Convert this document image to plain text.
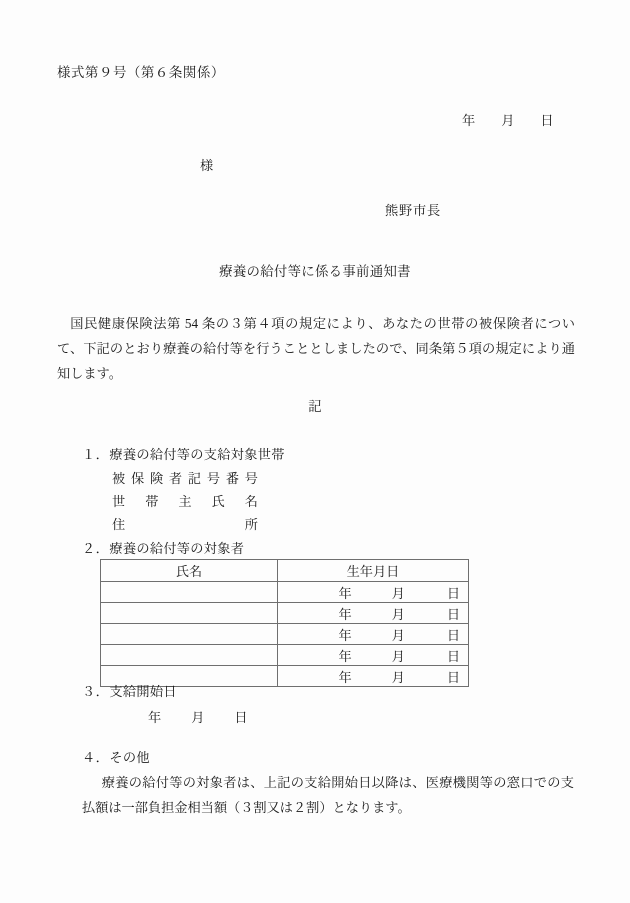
様式第９号（第６条関係）
年 月 日
様
熊野市長
療養の給付等に係る事前通知書
国民健康保険法第 54 条の３第４項の規定により、あなたの世帯の被保険者について、下記のとおり療養の給付等を行うこととしましたので、同条第５項の規定により通知します。
記
１．療養の給付等の支給対象世帯
被保険者記号番号
世帯主氏名
住所
２．療養の給付等の対象者
氏名	生年月日
	年 月 日
	年 月 日
	年 月 日
	年 月 日
	年 月 日
３．支給開始日
年 月 日
４．その他
療養の給付等の対象者は、上記の支給開始日以降は、医療機関等の窓口での支払額は一部負担金相当額（３割又は２割）となります。
